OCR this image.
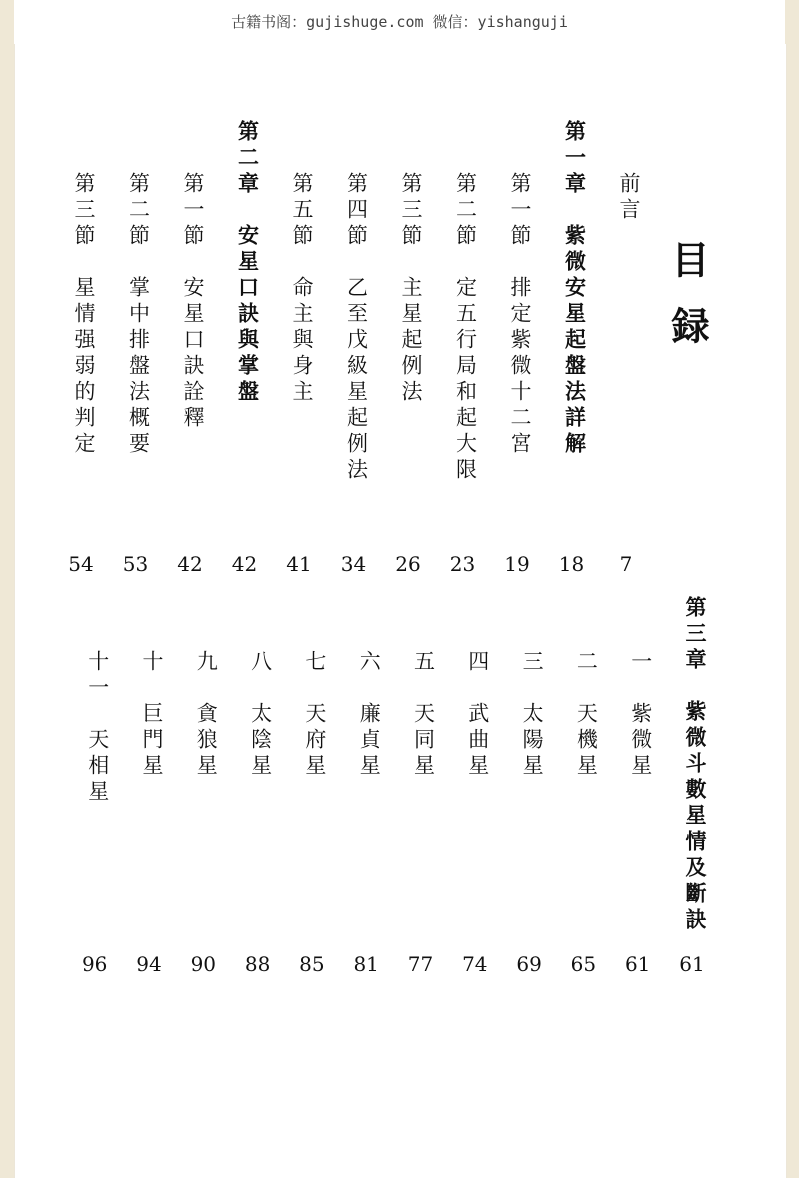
古籍书阁：gujishuge.com 微信：yishanguji
目録
前言
7
第一章紫微安星起盤法詳解
18
第一節排定紫微十二宮
19
第二節定五行局和起大限
23
第三節主星起例法
26
第四節乙至戊級星起例法
34
第五節命主與身主
41
第二章安星口訣與掌盤
42
第一節安星口訣詮釋
42
第二節掌中排盤法概要
53
第三節星情强弱的判定
54
第三章紫微斗數星情及斷訣
61
一紫微星
61
二天機星
65
三太陽星
69
四武曲星
74
五天同星
77
六廉貞星
81
七天府星
85
八太陰星
88
九貪狼星
90
十巨門星
94
十一天相星
96
